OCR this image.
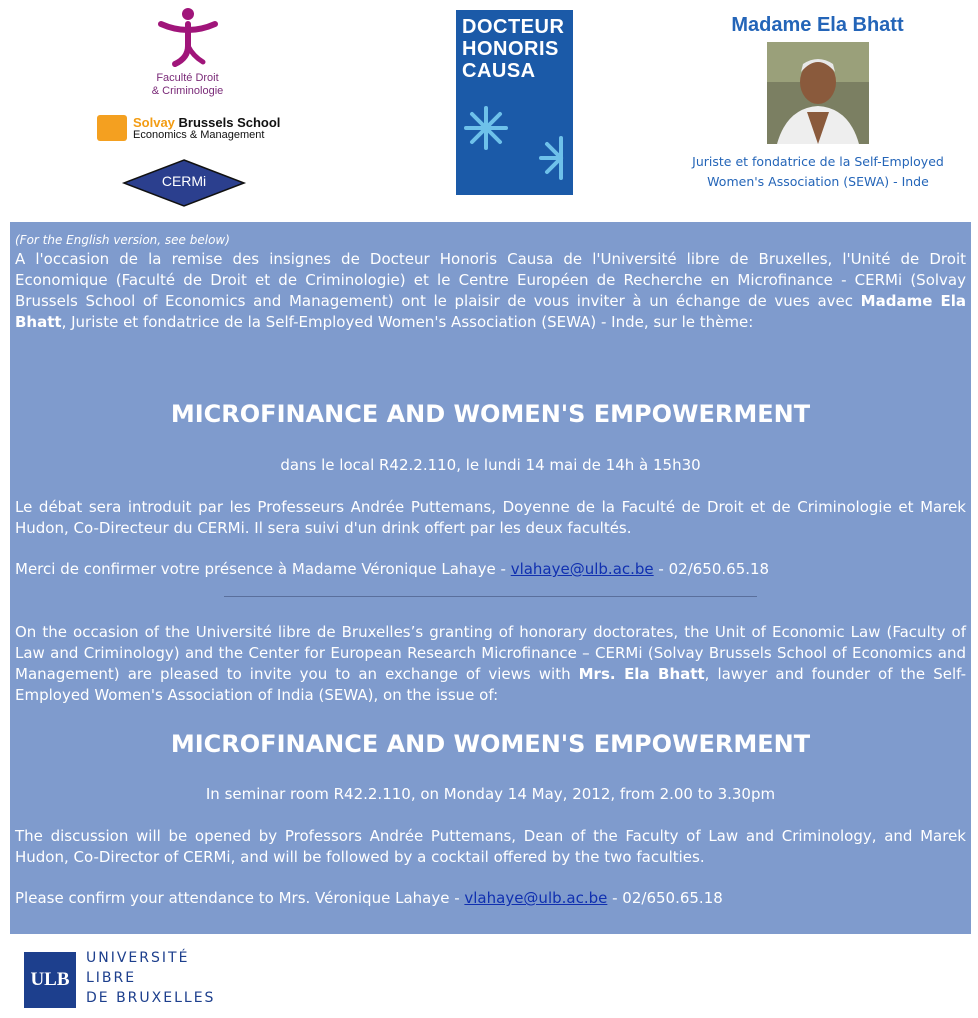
Faculté Droit
& Criminologie
Solvay Brussels School
Economics & Management
CERMi
DOCTEUR
HONORIS
CAUSA
Madame Ela Bhatt
Juriste et fondatrice de la Self-Employed
Women's Association (SEWA) - Inde
(For the English version, see below)
A l'occasion de la remise des insignes de Docteur Honoris Causa de l'Université libre de Bruxelles, l'Unité de Droit Economique (Faculté de Droit et de Criminologie) et le Centre Européen de Recherche en Microfinance - CERMi (Solvay Brussels School of Economics and Management) ont le plaisir de vous inviter à un échange de vues avec Madame Ela Bhatt, Juriste et fondatrice de la Self-Employed Women's Association (SEWA) - Inde, sur le thème:
MICROFINANCE AND WOMEN'S EMPOWERMENT
dans le local R42.2.110, le lundi 14 mai de 14h à 15h30
Le débat sera introduit par les Professeurs Andrée Puttemans, Doyenne de la Faculté de Droit et de Criminologie et Marek Hudon, Co-Directeur du CERMi. Il sera suivi d'un drink offert par les deux facultés.
Merci de confirmer votre présence à Madame Véronique Lahaye - vlahaye@ulb.ac.be - 02/650.65.18
On the occasion of the Université libre de Bruxelles’s granting of honorary doctorates, the Unit of Economic Law (Faculty of Law and Criminology) and the Center for European Research Microfinance – CERMi (Solvay Brussels School of Economics and Management) are pleased to invite you to an exchange of views with Mrs. Ela Bhatt, lawyer and founder of the Self-Employed Women's Association of India (SEWA), on the issue of:
MICROFINANCE AND WOMEN'S EMPOWERMENT
In seminar room R42.2.110, on Monday 14 May, 2012, from 2.00 to 3.30pm
The discussion will be opened by Professors Andrée Puttemans, Dean of the Faculty of Law and Criminology, and Marek Hudon, Co-Director of CERMi, and will be followed by a cocktail offered by the two faculties.
Please confirm your attendance to Mrs. Véronique Lahaye - vlahaye@ulb.ac.be - 02/650.65.18
ULB
UNIVERSITÉ
LIBRE
DE BRUXELLES
